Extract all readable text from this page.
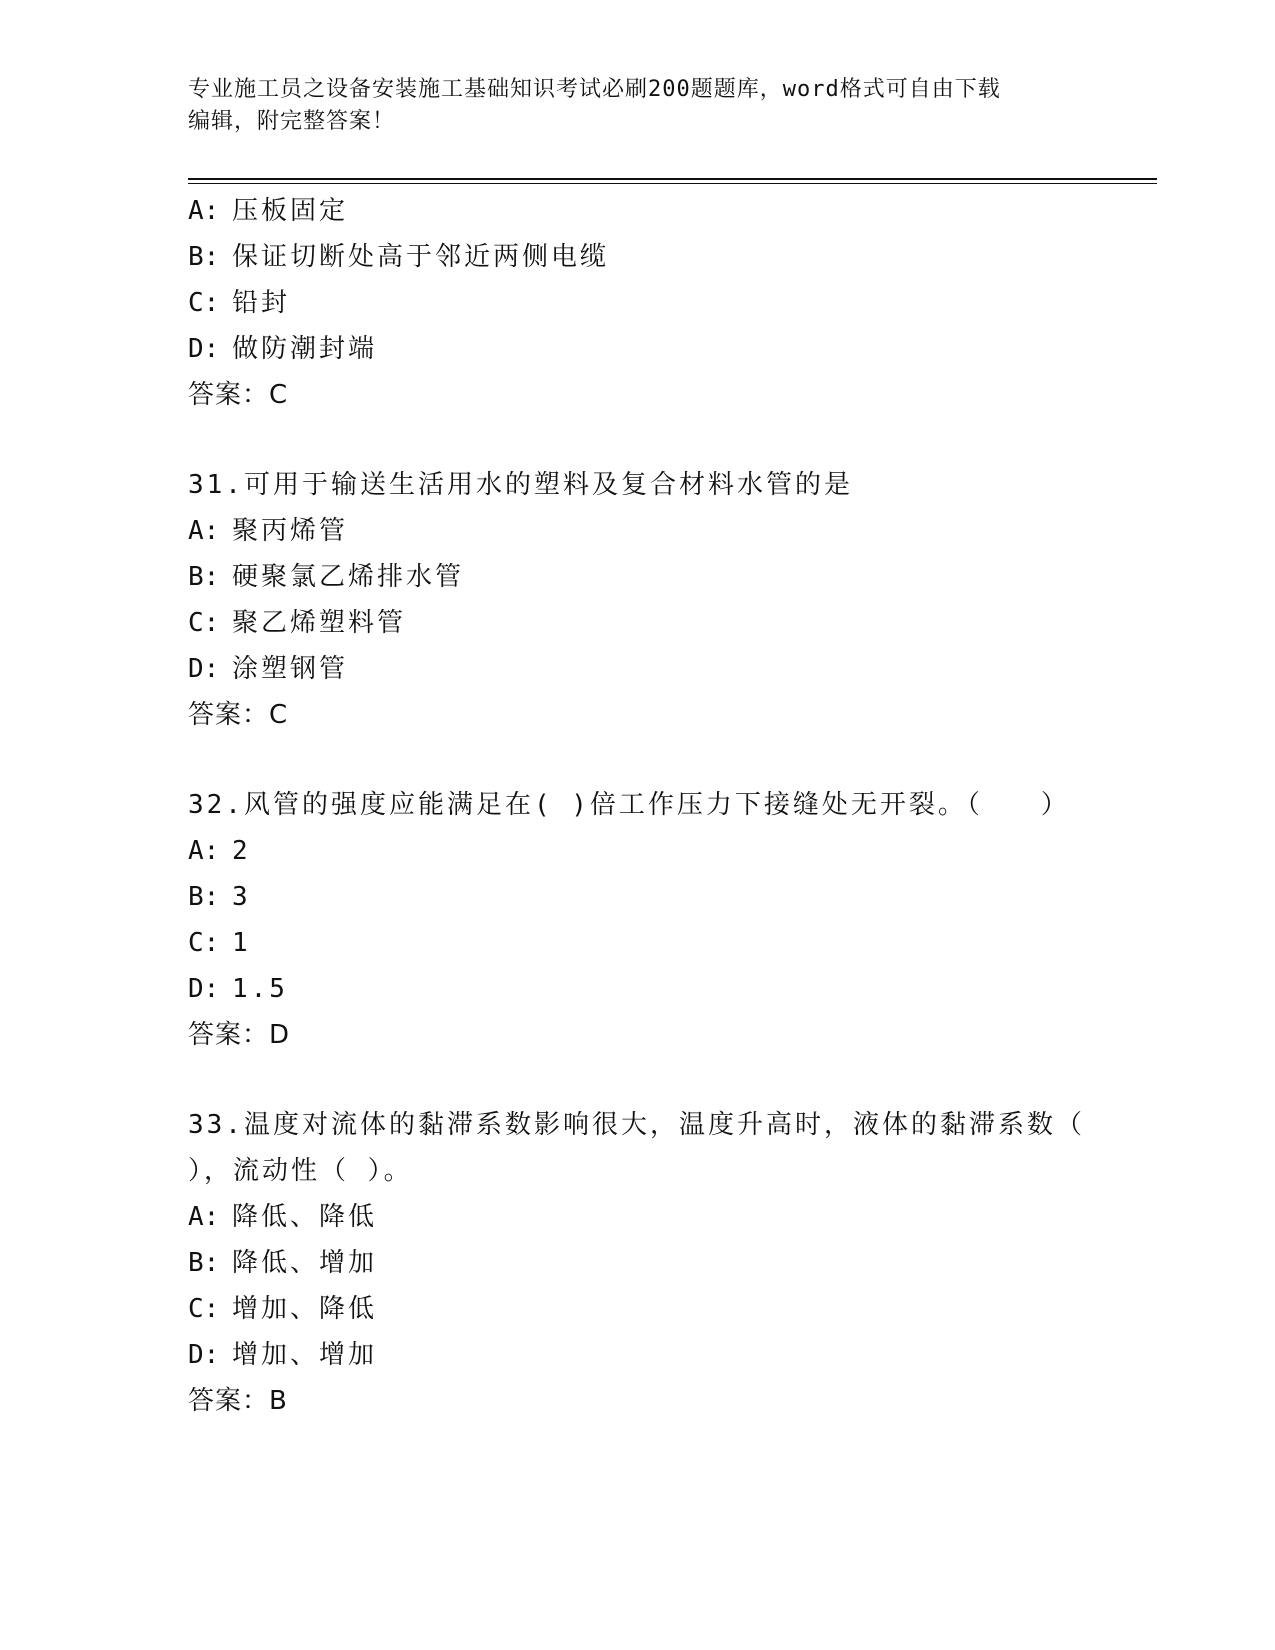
专业施工员之设备安装施工基础知识考试必刷200题题库，word格式可自由下载
编辑，附完整答案！
A: 压板固定
B: 保证切断处高于邻近两侧电缆
C: 铅封
D: 做防潮封端
答案：C
31.可用于输送生活用水的塑料及复合材料水管的是
A: 聚丙烯管
B: 硬聚氯乙烯排水管
C: 聚乙烯塑料管
D: 涂塑钢管
答案：C
32.风管的强度应能满足在( )倍工作压力下接缝处无开裂。（　　）
A: 2
B: 3
C: 1
D: 1.5
答案：D
33.温度对流体的黏滞系数影响很大，温度升高时，液体的黏滞系数（
），流动性（ ）。
A: 降低、降低
B: 降低、增加
C: 增加、降低
D: 增加、增加
答案：B
